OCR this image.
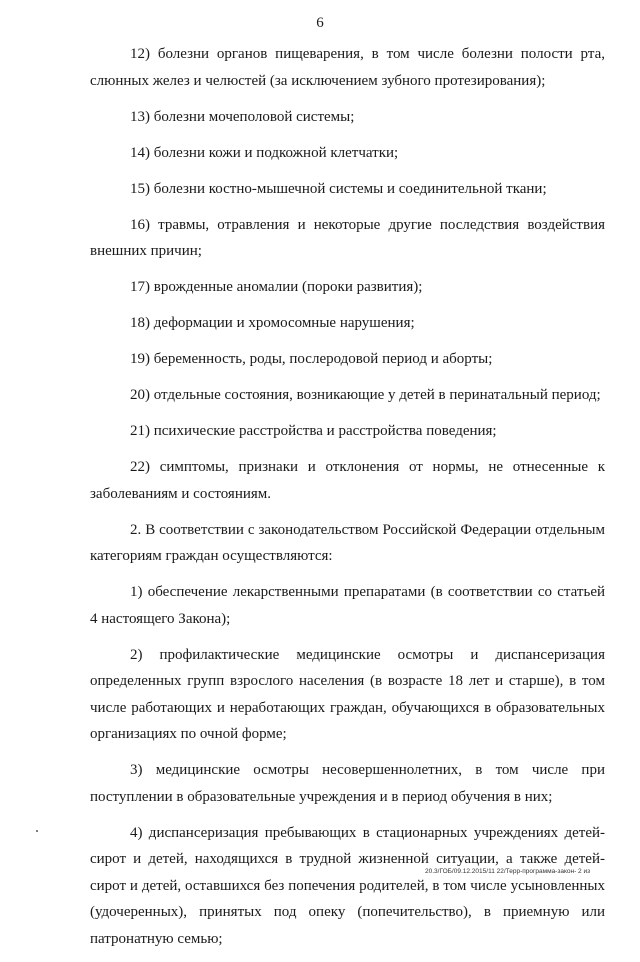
6

12) болезни органов пищеварения, в том числе болезни полости рта, слюнных желез и челюстей (за исключением зубного протезирования);

13) болезни мочеполовой системы;

14) болезни кожи и подкожной клетчатки;

15) болезни костно-мышечной системы и соединительной ткани;

16) травмы, отравления и некоторые другие последствия воздействия внешних причин;

17) врожденные аномалии (пороки развития);

18) деформации и хромосомные нарушения;

19) беременность, роды, послеродовой период и аборты;

20) отдельные состояния, возникающие у детей в перинатальный период;

21) психические расстройства и расстройства поведения;

22) симптомы, признаки и отклонения от нормы, не отнесенные к заболеваниям и состояниям.

2. В соответствии с законодательством Российской Федерации отдельным категориям граждан осуществляются:

1) обеспечение лекарственными препаратами (в соответствии со статьей 4 настоящего Закона);

2) профилактические медицинские осмотры и диспансеризация определенных групп взрослого населения (в возрасте 18 лет и старше), в том числе работающих и неработающих граждан, обучающихся в образовательных организациях по очной форме;

3) медицинские осмотры несовершеннолетних, в том числе при поступлении в образовательные учреждения и в период обучения в них;

4) диспансеризация пребывающих в стационарных учреждениях детей-сирот и детей, находящихся в трудной жизненной ситуации, а также детей-сирот и детей, оставшихся без попечения родителей, в том числе усыновленных (удочеренных), принятых под опеку (попечительство), в приемную или патронатную семью;

20.3/ГОБ/09.12.2015/11 22/Терр-программа-закон- 2 из
